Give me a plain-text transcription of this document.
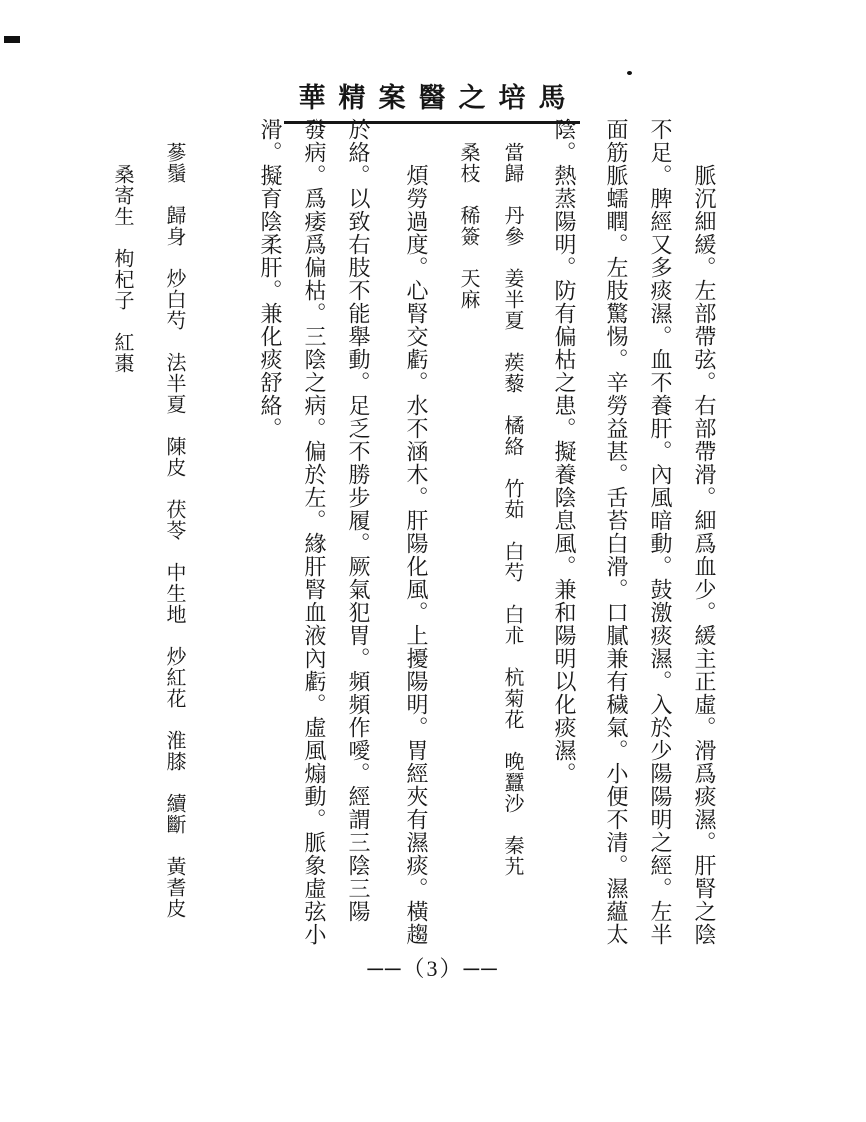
華精案醫之培馬
脈沉細緩。左部帶弦。右部帶滑。細爲血少。緩主正虛。滑爲痰濕。肝腎之陰
不足。脾經又多痰濕。血不養肝。內風暗動。鼓激痰濕。入於少陽陽明之經。左半
面筋脈蠕瞤。左肢驚惕。辛勞益甚。舌苔白滑。口膩兼有穢氣。小便不清。濕蘊太
陰。熱蒸陽明。防有偏枯之患。擬養陰息風。兼和陽明以化痰濕。
當歸　丹參　姜半夏　蒺藜　橘絡　竹茹　白芍　白朮　杭菊花　晚蠶沙　秦艽
桑枝　稀簽　天麻
煩勞過度。心腎交虧。水不涵木。肝陽化風。上擾陽明。胃經夾有濕痰。橫趨
於絡。以致右肢不能舉動。足乏不勝步履。厥氣犯胃。頻頻作噯。經謂三陰三陽
發病。爲痿爲偏枯。三陰之病。偏於左。緣肝腎血液內虧。虛風煽動。脈象虛弦小
滑。擬育陰柔肝。兼化痰舒絡。
蔘鬚　歸身　炒白芍　法半夏　陳皮　茯苓　中生地　炒紅花　淮膝　續斷　黃耆皮
桑寄生　枸杞子　紅棗
──（3）──
